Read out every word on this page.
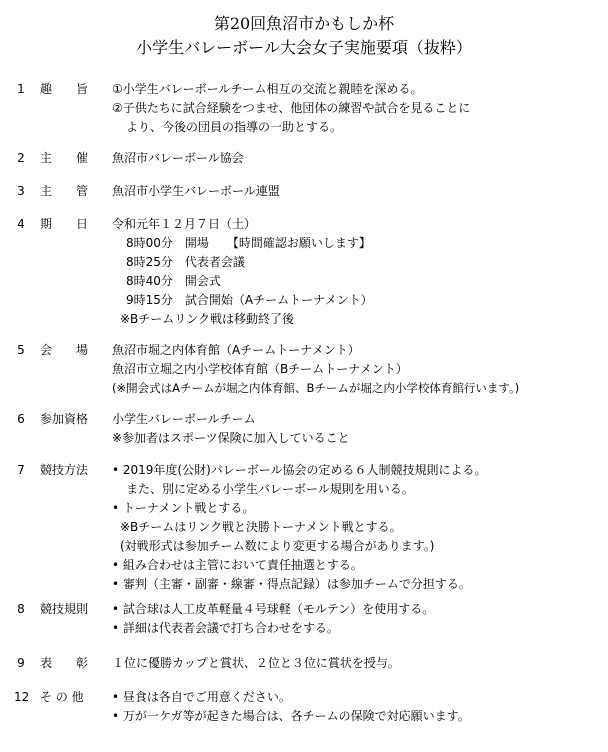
第20回魚沼市かもしか杯
小学生バレーボール大会女子実施要項（抜粋）
1 趣　　旨	①小学生バレーボールチーム相互の交流と親睦を深める。
②子供たちに試合経験をつませ、他団体の練習や試合を見ることに
より、今後の団員の指導の一助とする。
2 主　　催	魚沼市バレーボール協会
3 主　　管	魚沼市小学生バレーボール連盟
4 期　　日	令和元年１２月７日（土）
8時00分　開場　　【時間確認お願いします】
8時25分　代表者会議
8時40分　開会式
9時15分　試合開始（Aチームトーナメント）
※Bチームリンク戦は移動終了後
5 会　　場	魚沼市堀之内体育館（Aチームトーナメント）
魚沼市立堀之内小学校体育館（Bチームトーナメント）
(※開会式はAチームが堀之内体育館、Bチームが堀之内小学校体育館行います。)
6 参加資格	小学生バレーボールチーム
※参加者はスポーツ保険に加入していること
7 競技方法	• 2019年度(公財)バレーボール協会の定める６人制競技規則による。
また、別に定める小学生バレーボール規則を用いる。
• トーナメント戦とする。
※Bチームはリンク戦と決勝トーナメント戦とする。
(対戦形式は参加チーム数により変更する場合があります。)
• 組み合わせは主管において責任抽選とする。
• 審判（主審・副審・線審・得点記録）は参加チームで分担する。
8 競技規則	• 試合球は人工皮革軽量４号球軽（モルテン）を使用する。
• 詳細は代表者会議で打ち合わせをする。
9 表　　彰	１位に優勝カップと賞状、２位と３位に賞状を授与。
12 そ の 他	• 昼食は各自でご用意ください。
• 万が一ケガ等が起きた場合は、各チームの保険で対応願います。
